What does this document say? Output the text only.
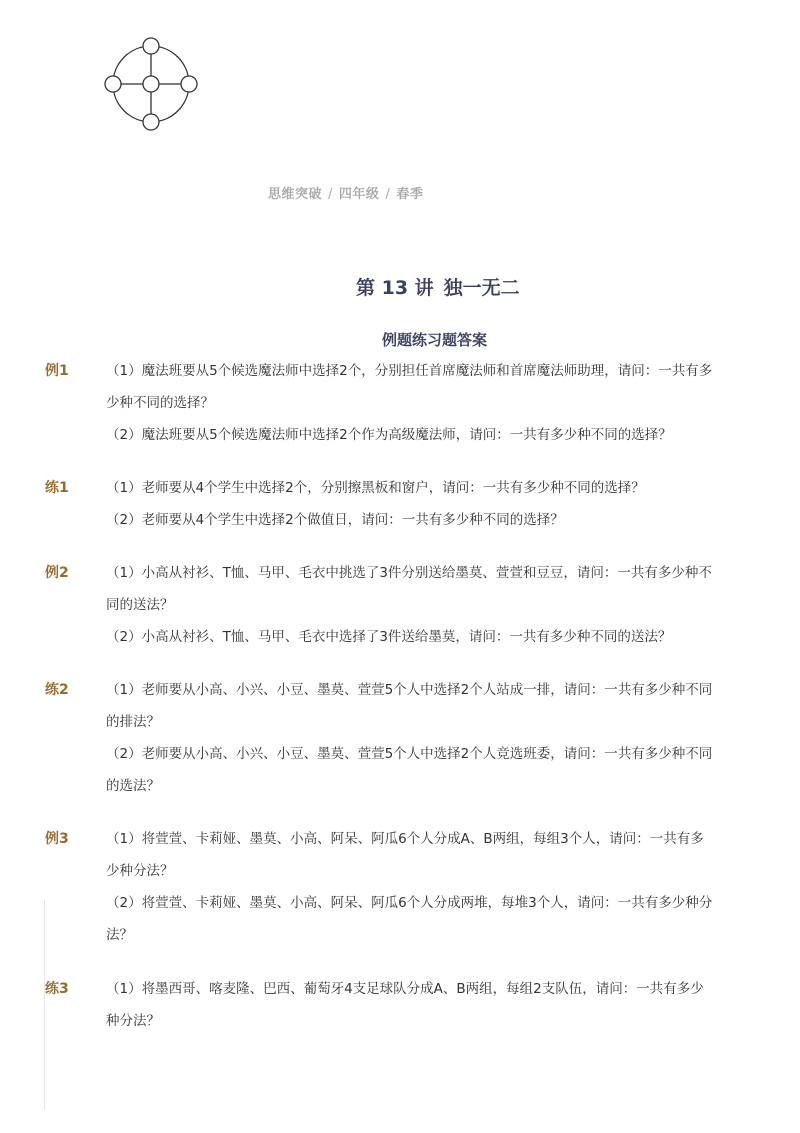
思维突破 / 四年级 / 春季
第 13 讲 独一无二
例题练习题答案
例1	（1）魔法班要从5个候选魔法师中选择2个，分别担任首席魔法师和首席魔法师助理，请问：一共有多少种不同的选择？
（2）魔法班要从5个候选魔法师中选择2个作为高级魔法师，请问：一共有多少种不同的选择？
练1	（1）老师要从4个学生中选择2个，分别擦黑板和窗户，请问：一共有多少种不同的选择？
（2）老师要从4个学生中选择2个做值日，请问：一共有多少种不同的选择？
例2	（1）小高从衬衫、T恤、马甲、毛衣中挑选了3件分别送给墨莫、萱萱和豆豆，请问：一共有多少种不同的送法？
（2）小高从衬衫、T恤、马甲、毛衣中选择了3件送给墨莫，请问：一共有多少种不同的送法？
练2	（1）老师要从小高、小兴、小豆、墨莫、萱萱5个人中选择2个人站成一排，请问：一共有多少种不同的排法？
（2）老师要从小高、小兴、小豆、墨莫、萱萱5个人中选择2个人竞选班委，请问：一共有多少种不同的选法？
例3	（1）将萱萱、卡莉娅、墨莫、小高、阿呆、阿瓜6个人分成A、B两组，每组3个人，请问：一共有多少种分法？
（2）将萱萱、卡莉娅、墨莫、小高、阿呆、阿瓜6个人分成两堆，每堆3个人，请问：一共有多少种分法？
练3	（1）将墨西哥、喀麦隆、巴西、葡萄牙4支足球队分成A、B两组，每组2支队伍，请问：一共有多少种分法？
